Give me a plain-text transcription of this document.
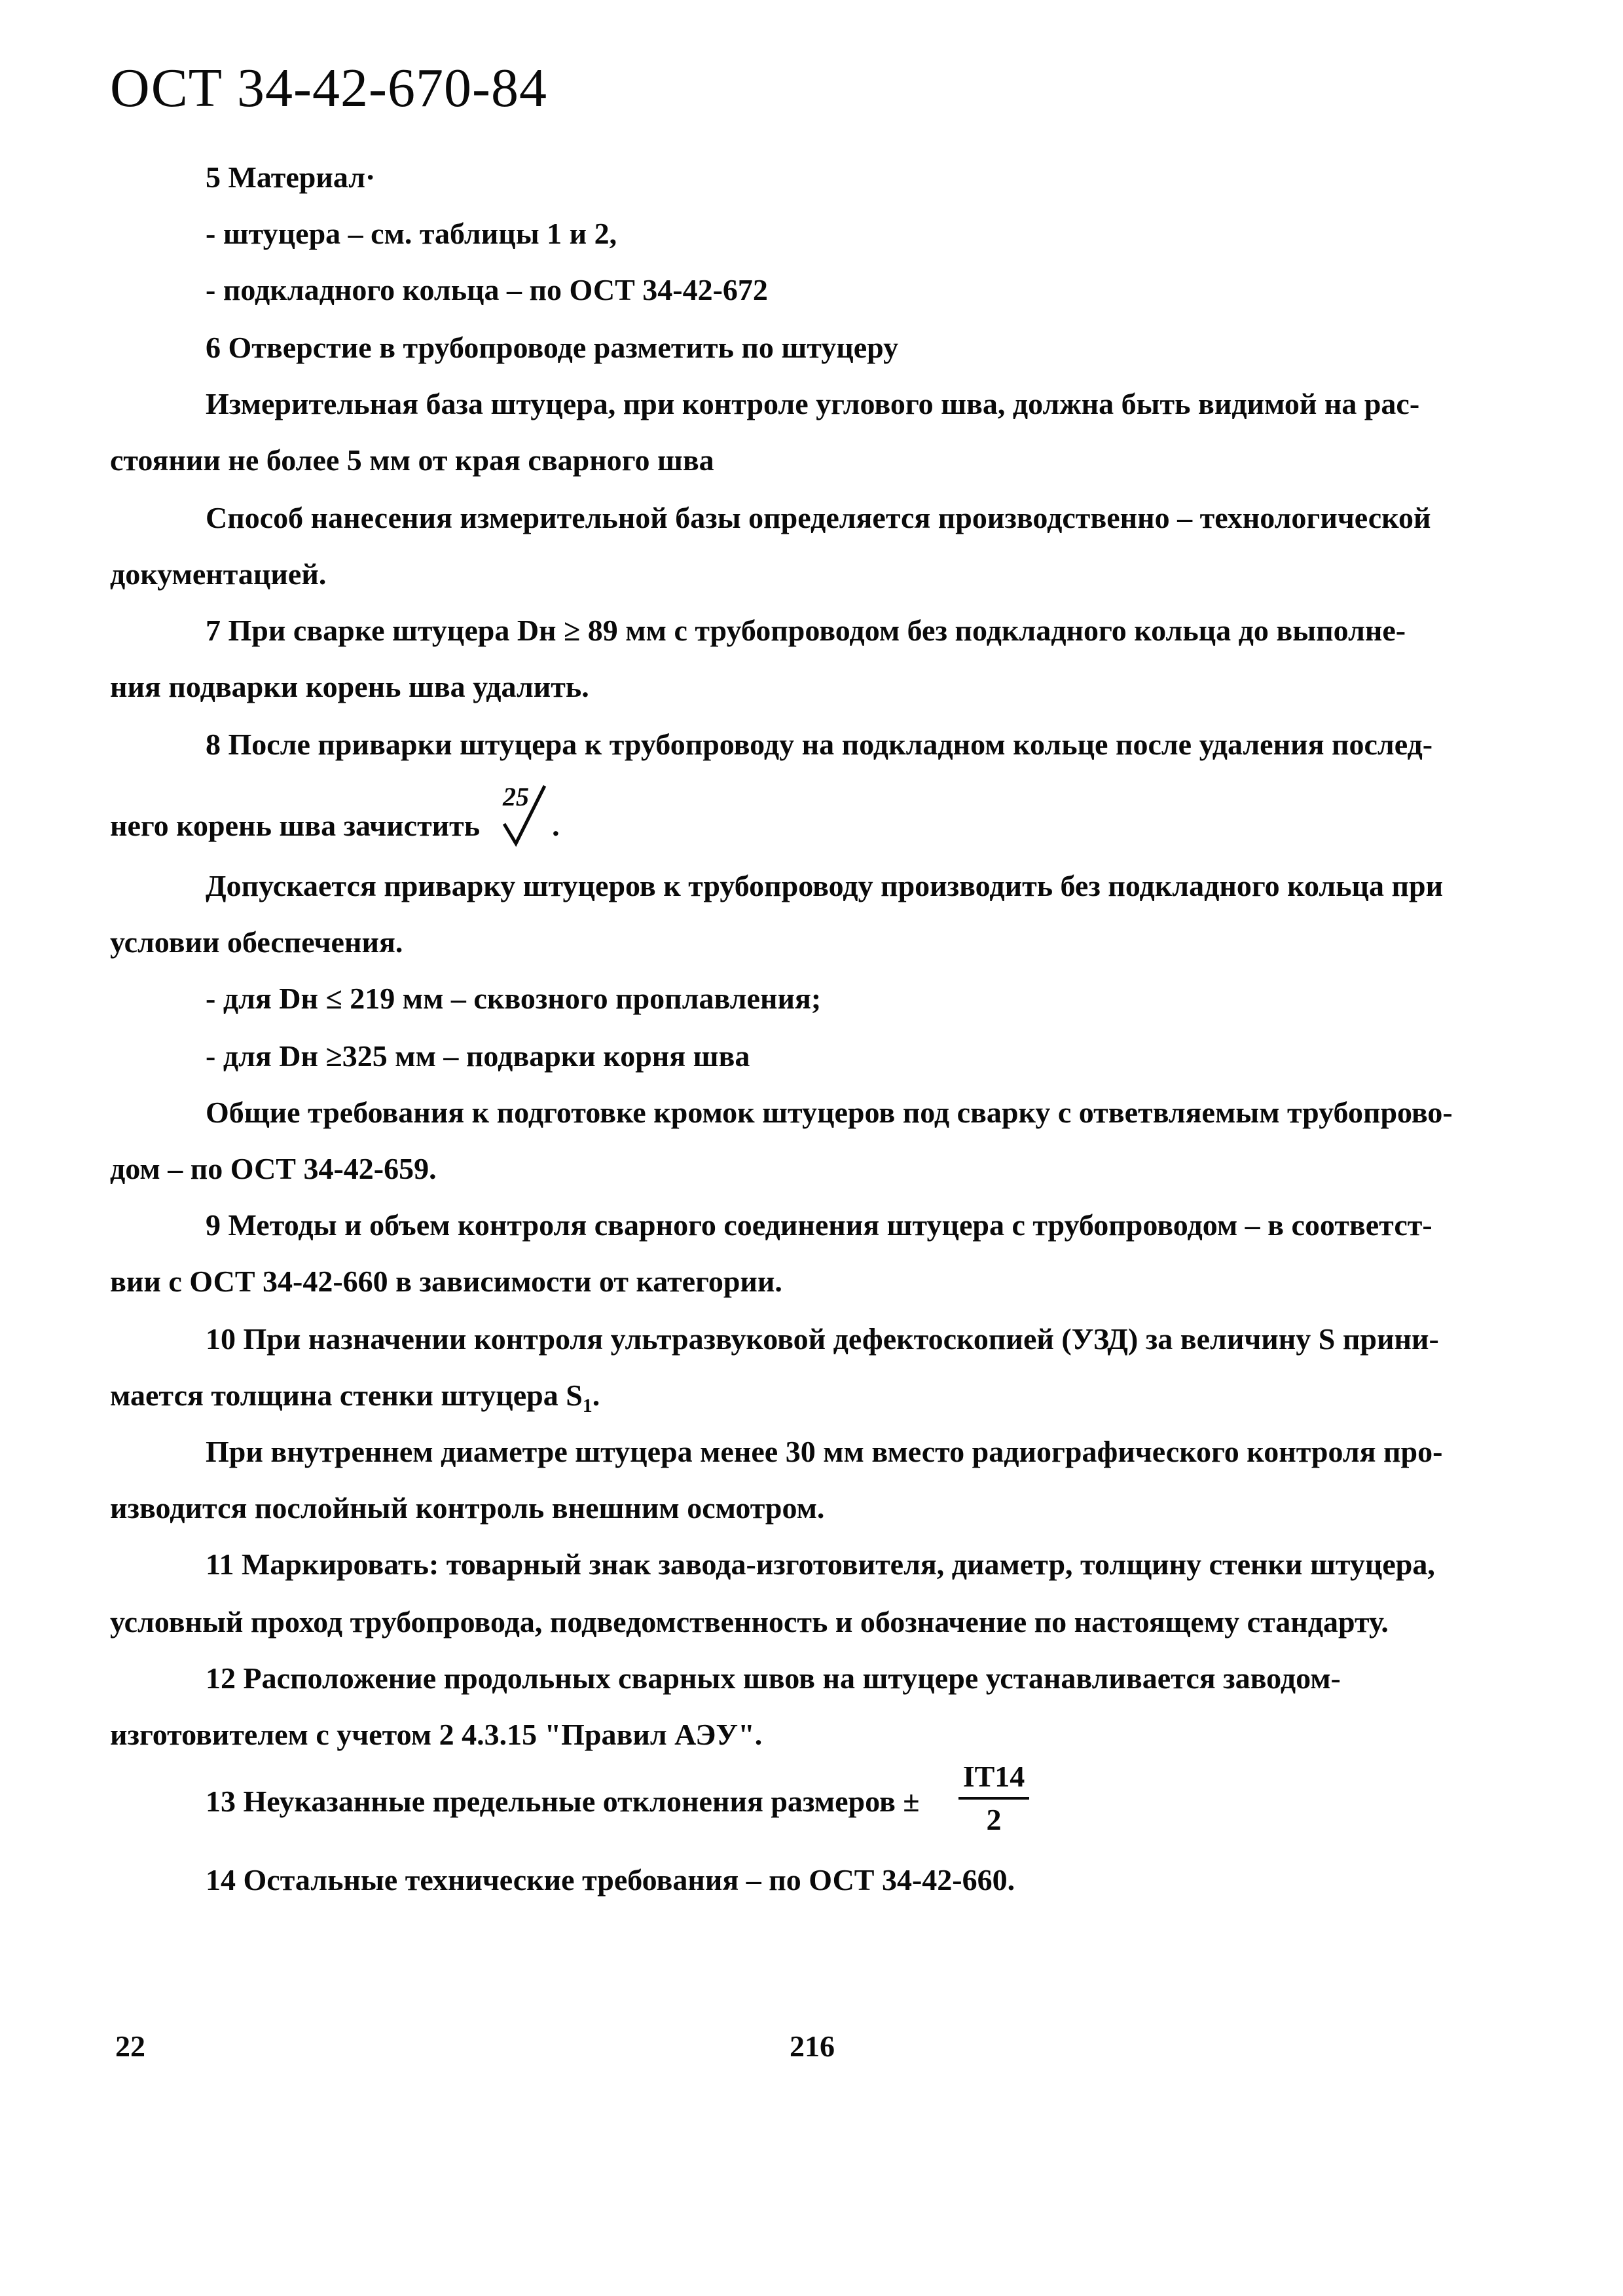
ОСТ 34-42-670-84
5 Материал·
- штуцера – см. таблицы 1 и 2,
- подкладного кольца – по ОСТ 34-42-672
6 Отверстие в трубопроводе разметить по штуцеру
Измерительная база штуцера, при контроле углового шва, должна быть видимой на рас-
стоянии не более 5 мм от края сварного шва
Способ нанесения измерительной базы определяется производственно – технологической
документацией.
7 При сварке штуцера Dн ≥ 89 мм с трубопроводом без подкладного кольца до выполне-
ния подварки корень шва удалить.
8 После приварки штуцера к трубопроводу на подкладном кольце после удаления послед-
него корень шва зачистить .
25
Допускается приварку штуцеров к трубопроводу производить без подкладного кольца при
условии обеспечения.
- для Dн ≤ 219 мм – сквозного проплавления;
- для Dн ≥325 мм – подварки корня шва
Общие требования к подготовке кромок штуцеров под сварку с ответвляемым трубопрово-
дом – по ОСТ 34-42-659.
9 Методы и объем контроля сварного соединения штуцера с трубопроводом – в соответст-
вии с ОСТ 34-42-660 в зависимости от категории.
10 При назначении контроля ультразвуковой дефектоскопией (УЗД) за величину S прини-
мается толщина стенки штуцера $S_1$.
При внутреннем диаметре штуцера менее 30 мм вместо радиографического контроля про-
изводится послойный контроль внешним осмотром.
11 Маркировать: товарный знак завода-изготовителя, диаметр, толщину стенки штуцера,
условный проход трубопровода, подведомственность и обозначение по настоящему стандарту.
12 Расположение продольных сварных швов на штуцере устанавливается заводом-
изготовителем с учетом 2 4.3.15 "Правил АЭУ".
13 Неуказанные предельные отклонения размеров ±
IT14
2
14 Остальные технические требования – по ОСТ 34-42-660.
22	216
